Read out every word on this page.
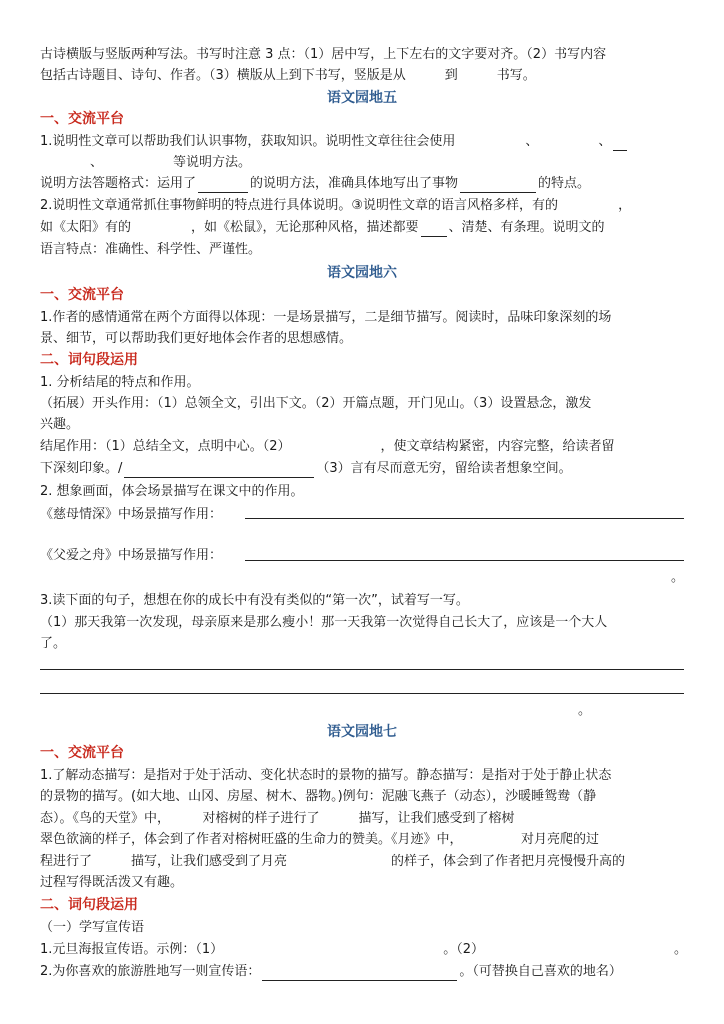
古诗横版与竖版两种写法。书写时注意 3 点：（1）居中写，上下左右的文字要对齐。（2）书写内容
包括古诗题目、诗句、作者。（3）横版从上到下书写，竖版是从　　　到　　　书写。
语文园地五
一、交流平台
1.说明性文章可以帮助我们认识事物，获取知识。说明性文章往往会使用	、	、
、	等说明方法。
说明方法答题格式：运用了	的说明方法，准确具体地写出了事物	的特点。
2.说明性文章通常抓住事物鲜明的特点进行具体说明。③说明性文章的语言风格多样，有的	，
如《太阳》有的	，如《松鼠》，无论那种风格，描述都要 、清楚、有条理。说明文的
语言特点：准确性、科学性、严谨性。
语文园地六
一、交流平台
1.作者的感情通常在两个方面得以体现：一是场景描写，二是细节描写。阅读时，品味印象深刻的场
景、细节，可以帮助我们更好地体会作者的思想感情。
二、词句段运用
1. 分析结尾的特点和作用。
（拓展）开头作用：（1）总领全文，引出下文。（2）开篇点题，开门见山。（3）设置悬念，激发
兴趣。
结尾作用：（1）总结全文，点明中心。（2）	，使文章结构紧密，内容完整，给读者留
下深刻印象。/	（3）言有尽而意无穷，留给读者想象空间。
2. 想象画面，体会场景描写在课文中的作用。
《慈母情深》中场景描写作用：
《父爱之舟》中场景描写作用：
。
3.读下面的句子，想想在你的成长中有没有类似的“第一次”，试着写一写。
（1）那天我第一次发现，母亲原来是那么瘦小！那一天我第一次觉得自己长大了，应该是一个大人
了。
。
语文园地七
一、交流平台
1.了解动态描写：是指对于处于活动、变化状态时的景物的描写。静态描写：是指对于处于静止状态
的景物的描写。(如大地、山冈、房屋、树木、器物。)例句：泥融飞燕子（动态），沙暖睡鸳鸯（静
态）。《鸟的天堂》中，　　　对榕树的样子进行了　　　描写，让我们感受到了榕树　　　　
翠色欲滴的样子，体会到了作者对榕树旺盛的生命力的赞美。《月迹》中，　　　　　对月亮爬的过
程进行了　　　描写，让我们感受到了月亮　　　　　　　　的样子，体会到了作者把月亮慢慢升高的
过程写得既活泼又有趣。
二、词句段运用
（一）学写宣传语
1.元旦海报宣传语。示例：（1）	。（2）	。
2.为你喜欢的旅游胜地写一则宣传语：	。（可替换自己喜欢的地名）
